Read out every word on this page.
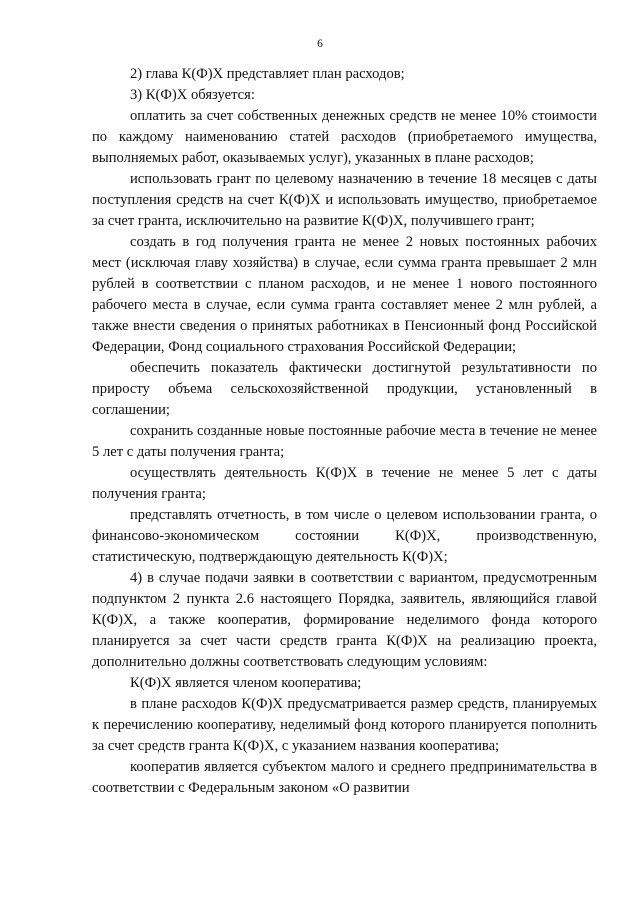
6

2) глава К(Ф)Х представляет план расходов;

3) К(Ф)Х обязуется:

оплатить за счет собственных денежных средств не менее 10% стоимости по каждому наименованию статей расходов (приобретаемого имущества, выполняемых работ, оказываемых услуг), указанных в плане расходов;

использовать грант по целевому назначению в течение 18 месяцев с даты поступления средств на счет К(Ф)Х и использовать имущество, приобретаемое за счет гранта, исключительно на развитие К(Ф)Х, получившего грант;

создать в год получения гранта не менее 2 новых постоянных рабочих мест (исключая главу хозяйства) в случае, если сумма гранта превышает 2 млн рублей в соответствии с планом расходов, и не менее 1 нового постоянного рабочего места в случае, если сумма гранта составляет менее 2 млн рублей, а также внести сведения о принятых работниках в Пенсионный фонд Российской Федерации, Фонд социального страхования Российской Федерации;

обеспечить показатель фактически достигнутой результативности по приросту объема сельскохозяйственной продукции, установленный в соглашении;

сохранить созданные новые постоянные рабочие места в течение не менее 5 лет с даты получения гранта;

осуществлять деятельность К(Ф)Х в течение не менее 5 лет с даты получения гранта;

представлять отчетность, в том числе о целевом использовании гранта, о финансово-экономическом состоянии К(Ф)Х, производственную, статистическую, подтверждающую деятельность К(Ф)Х;

4) в случае подачи заявки в соответствии с вариантом, предусмотренным подпунктом 2 пункта 2.6 настоящего Порядка, заявитель, являющийся главой К(Ф)Х, а также кооператив, формирование неделимого фонда которого планируется за счет части средств гранта К(Ф)Х на реализацию проекта, дополнительно должны соответствовать следующим условиям:

К(Ф)Х является членом кооператива;

в плане расходов К(Ф)Х предусматривается размер средств, планируемых к перечислению кооперативу, неделимый фонд которого планируется пополнить за счет средств гранта К(Ф)Х, с указанием названия кооператива;

кооператив является субъектом малого и среднего предпринимательства в соответствии с Федеральным законом «О развитии
